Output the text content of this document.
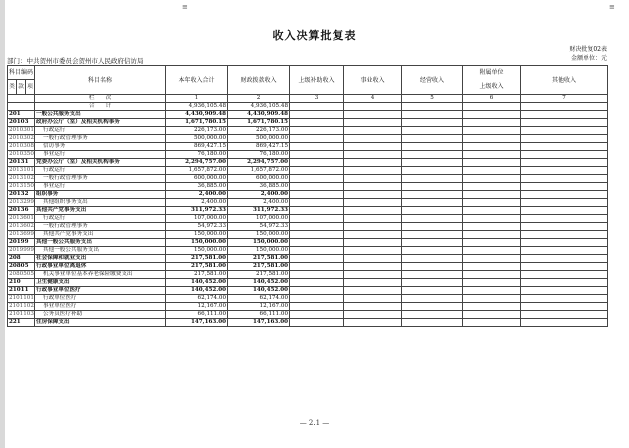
≡	≡
收入决算批复表
财决批复02表
金额单位：元
部门：中共贺州市委员会贺州市人民政府信访局
科目编码			科目名称	本年收入合计	财政拨款收入	上级补助收入	事业收入	经营收入	附属单位
上级收入	其他收入

类	款	项								
			栏　　次	1	2	3	4	5	6	7
			合　　计	4,936,105.48	4,936,105.48					
201			一般公共服务支出	4,430,909.48	4,430,909.48					
20103			政府办公厅（室）及相关机构事务	1,671,780.15	1,671,780.15					
2010301			行政运行	226,173.00	226,173.00					
2010302			一般行政管理事务	500,000.00	500,000.00					
2010308			信访事务	869,427.15	869,427.15					
2010350			事业运行	76,180.00	76,180.00					
20131			党委办公厅（室）及相关机构事务	2,294,757.00	2,294,757.00					
2013101			行政运行	1,657,872.00	1,657,872.00					
2013102			一般行政管理事务	600,000.00	600,000.00					
2013150			事业运行	36,885.00	36,885.00					
20132			组织事务	2,400.00	2,400.00					
2013299			其他组织事务支出	2,400.00	2,400.00					
20136			其他共产党事务支出	311,972.33	311,972.33					
2013601			行政运行	107,000.00	107,000.00					
2013602			一般行政管理事务	54,972.33	54,972.33					
2013699			其他共产党事务支出	150,000.00	150,000.00					
20199			其他一般公共服务支出	150,000.00	150,000.00					
2019999			其他一般公共服务支出	150,000.00	150,000.00					
208			社会保障和就业支出	217,581.00	217,581.00					
20805			行政事业单位离退休	217,581.00	217,581.00					
2080505			机关事业单位基本养老保险缴费支出	217,581.00	217,581.00					
210			卫生健康支出	140,452.00	140,452.00					
21011			行政事业单位医疗	140,452.00	140,452.00					
2101101			行政单位医疗	62,174.00	62,174.00					
2101102			事业单位医疗	12,167.00	12,167.00					
2101103			公务员医疗补助	66,111.00	66,111.00					
221			住房保障支出	147,163.00	147,163.00					
— 2.1 —
